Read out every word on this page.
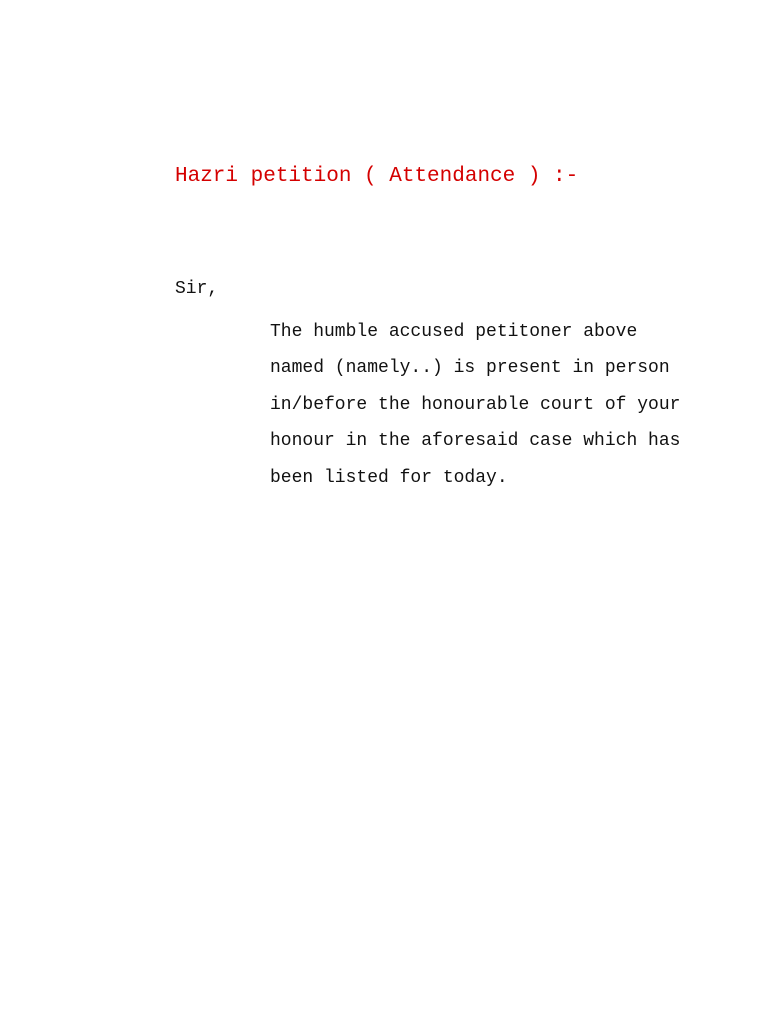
Hazri petition ( Attendance ) :-

Sir,

The humble accused petitoner above

named (namely..) is present in person

in/before the honourable court of your

honour in the aforesaid case which has

been listed for today.
